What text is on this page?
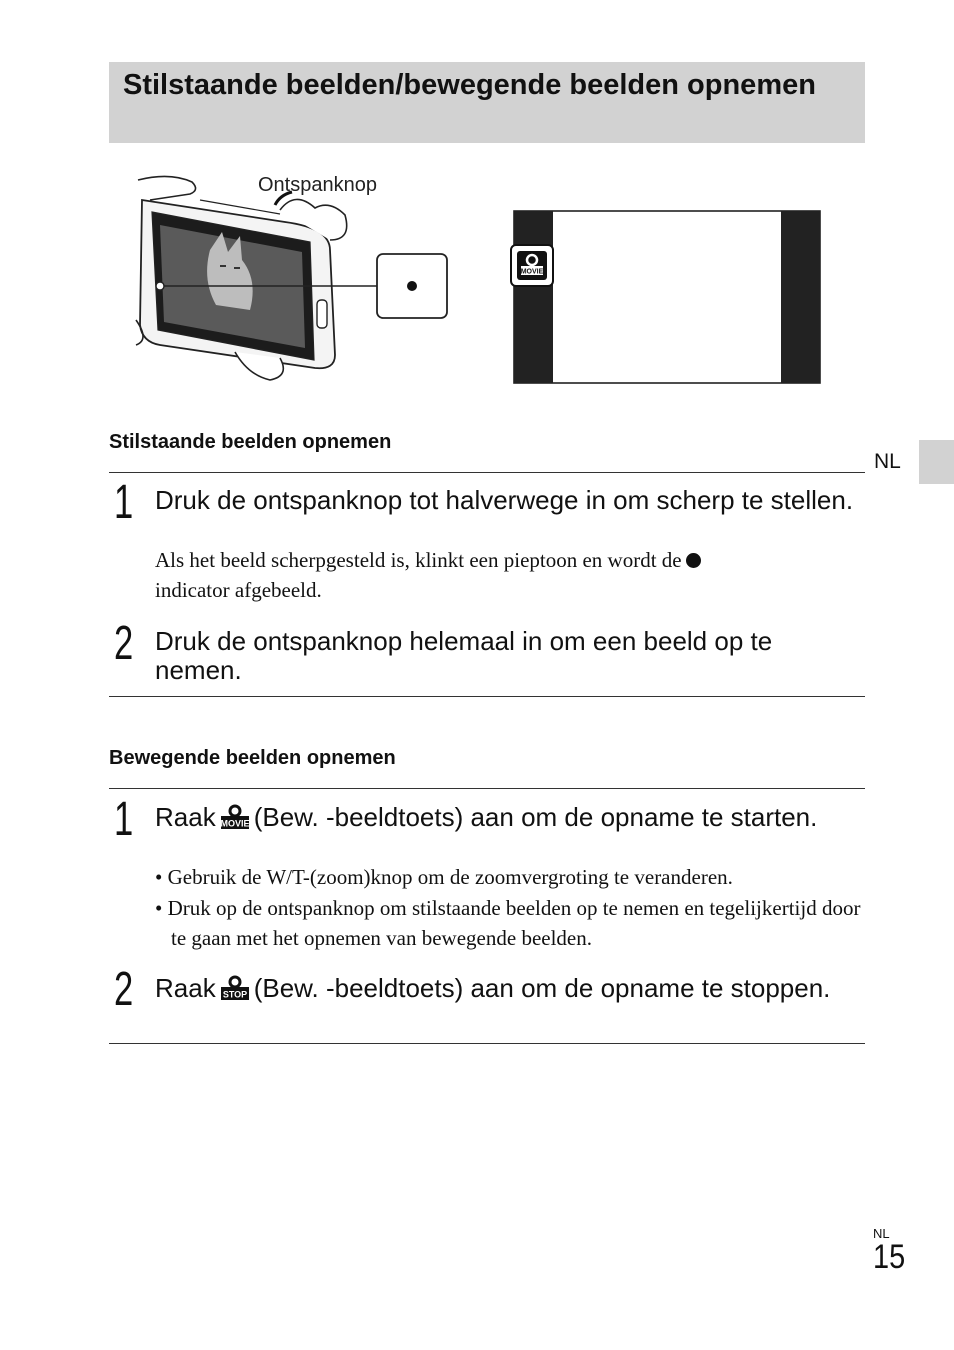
Stilstaande beelden/bewegende beelden opnemen
Ontspanknop
MOVIE
Stilstaande beelden opnemen
1 Druk de ontspanknop tot halverwege in om scherp te stellen.
Als het beeld scherpgesteld is, klinkt een pieptoon en wordt de
indicator afgebeeld.
2 Druk de ontspanknop helemaal in om een beeld op te nemen.
Bewegende beelden opnemen
1 Raak MOVIE (Bew. -beeldtoets) aan om de opname te starten.
• Gebruik de W/T-(zoom)knop om de zoomvergroting te veranderen.
• Druk op de ontspanknop om stilstaande beelden op te nemen en tegelijkertijd door te gaan met het opnemen van bewegende beelden.
2 Raak STOP (Bew. -beeldtoets) aan om de opname te stoppen.
NL
NL
15
